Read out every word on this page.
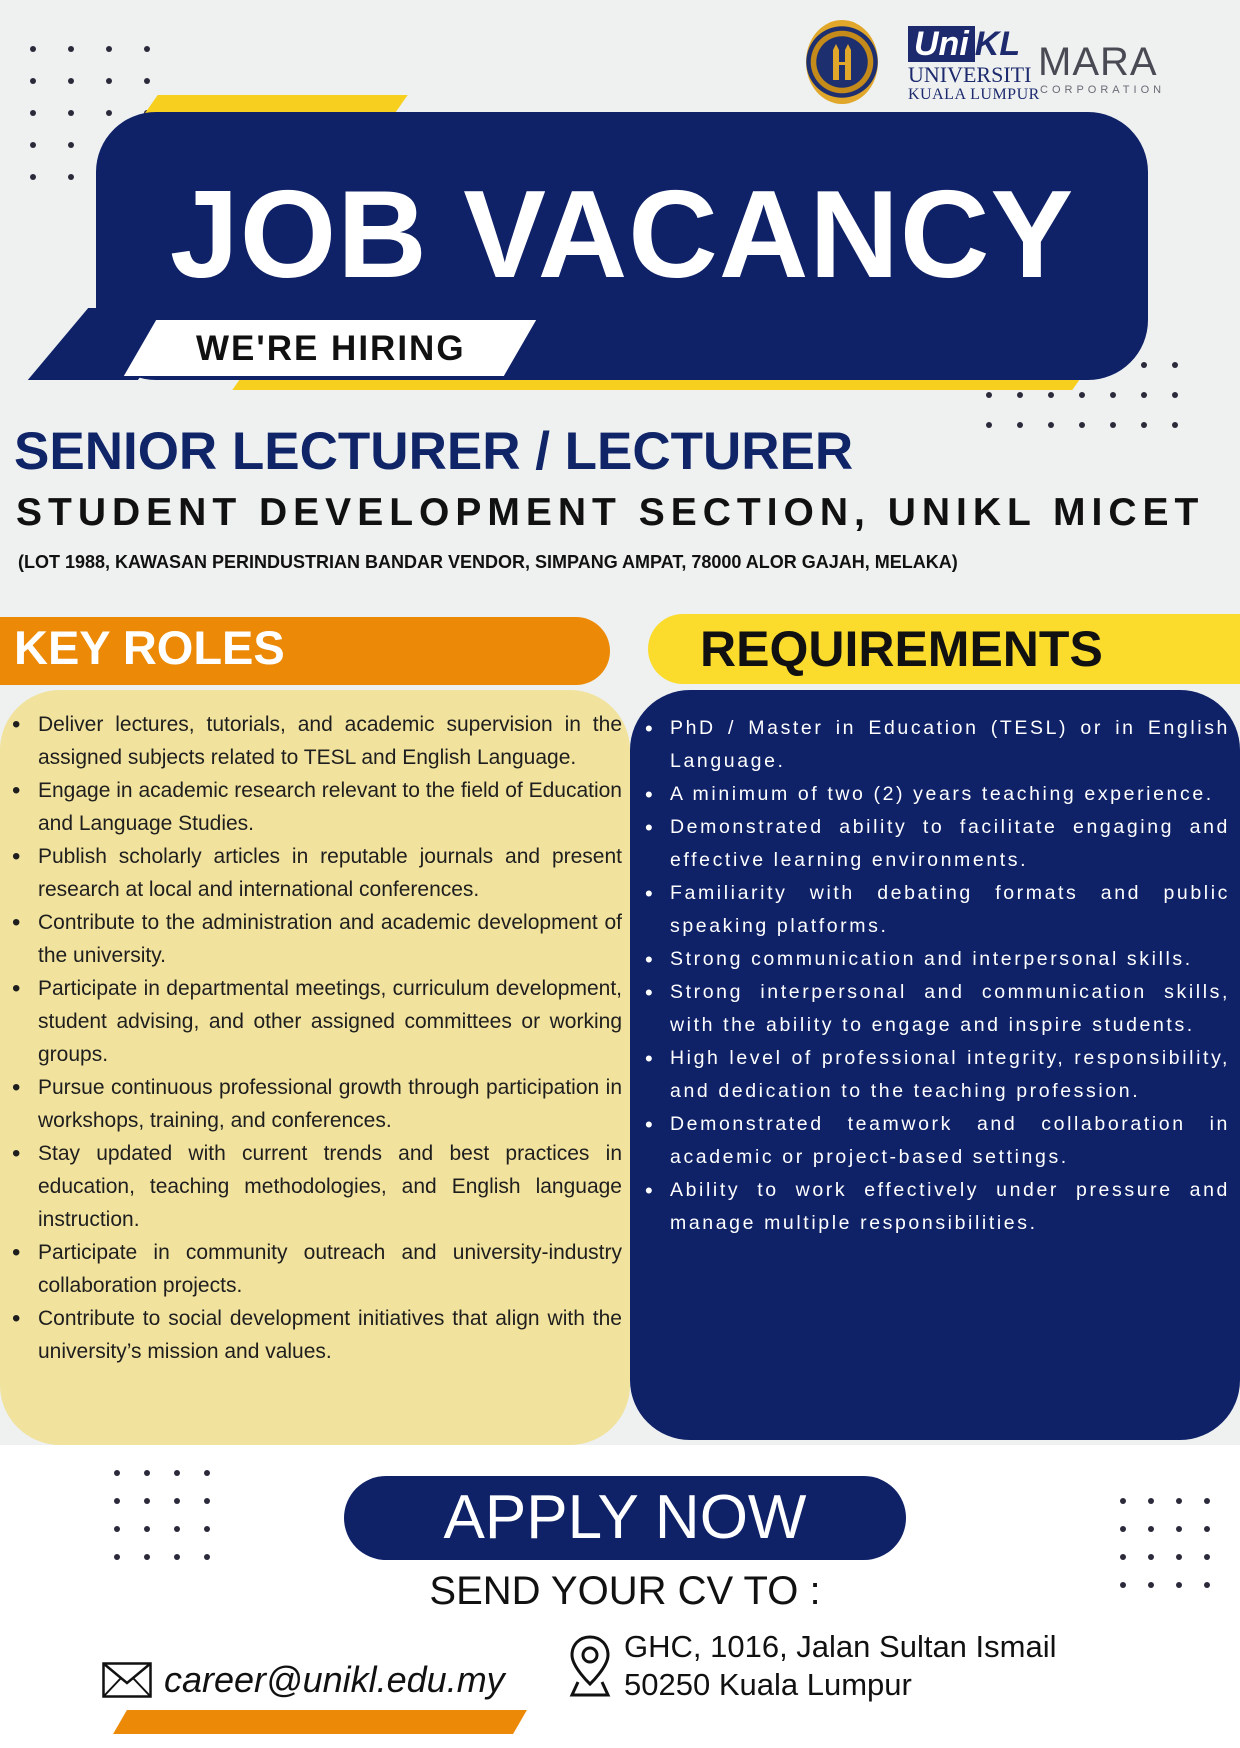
Uni KL
UNIVERSITI
KUALA LUMPUR
MARA
CORPORATION
JOB VACANCY
WE'RE HIRING
SENIOR LECTURER / LECTURER
STUDENT DEVELOPMENT SECTION, UNIKL MICET
(LOT 1988, KAWASAN PERINDUSTRIAN BANDAR VENDOR, SIMPANG AMPAT, 78000 ALOR GAJAH, MELAKA)
KEY ROLES	REQUIREMENTS
• Deliver lectures, tutorials, and academic supervision in the assigned subjects related to TESL and English Language.
• Engage in academic research relevant to the field of Education and Language Studies.
• Publish scholarly articles in reputable journals and present research at local and international conferences.
• Contribute to the administration and academic development of the university.
• Participate in departmental meetings, curriculum development, student advising, and other assigned committees or working groups.
• Pursue continuous professional growth through participation in workshops, training, and conferences.
• Stay updated with current trends and best practices in education, teaching methodologies, and English language instruction.
• Participate in community outreach and university-industry collaboration projects.
• Contribute to social development initiatives that align with the university’s mission and values.
• PhD / Master in Education (TESL) or in English Language.
• A minimum of two (2) years teaching experience.
• Demonstrated ability to facilitate engaging and effective learning environments.
• Familiarity with debating formats and public speaking platforms.
• Strong communication and interpersonal skills.
• Strong interpersonal and communication skills, with the ability to engage and inspire students.
• High level of professional integrity, responsibility, and dedication to the teaching profession.
• Demonstrated teamwork and collaboration in academic or project-based settings.
• Ability to work effectively under pressure and manage multiple responsibilities.
APPLY NOW
SEND YOUR CV TO :
career@unikl.edu.my
GHC, 1016, Jalan Sultan Ismail
50250 Kuala Lumpur
